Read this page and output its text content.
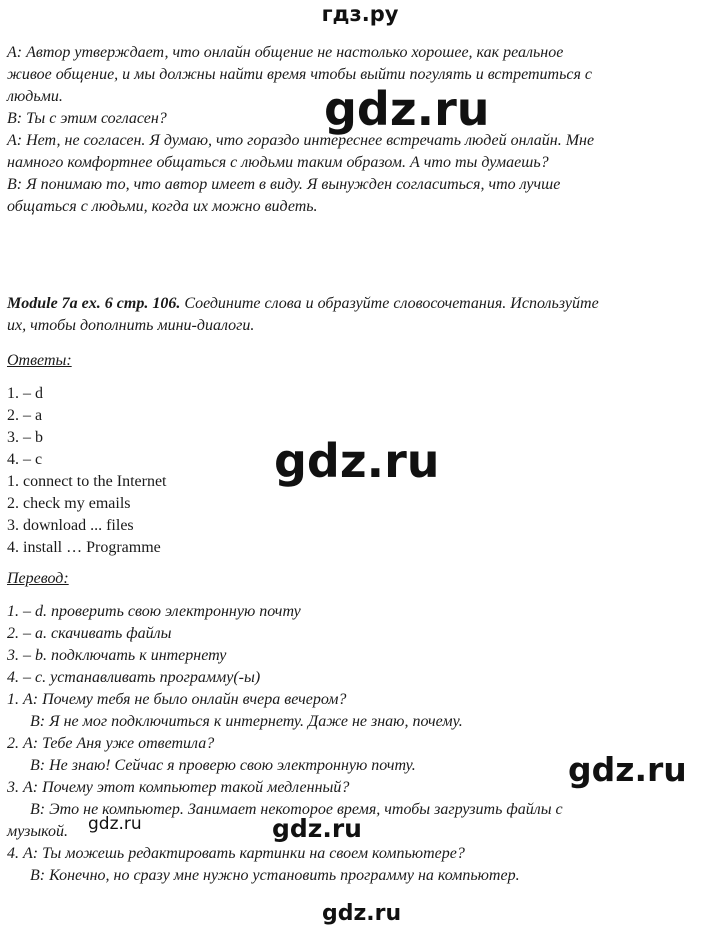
гдз.ру
А: Автор утверждает, что онлайн общение не настолько хорошее, как реальное
живое общение, и мы должны найти время чтобы выйти погулять и встретиться с
людьми.
В: Ты с этим согласен?
А: Нет, не согласен. Я думаю, что гораздо интереснее встречать людей онлайн. Мне
намного комфортнее общаться с людьми таким образом. А что ты думаешь?
В: Я понимаю то, что автор имеет в виду. Я вынужден согласиться, что лучше
общаться с людьми, когда их можно видеть.
Module 7a ex. 6 стр. 106. Соедините слова и образуйте словосочетания. Используйте
их, чтобы дополнить мини-диалоги.
Ответы:
1. – d
2. – a
3. – b
4. – c
1. connect to the Internet
2. check my emails
3. download ... files
4. install … Programme
Перевод:
1. – d. проверить свою электронную почту
2. – a. скачивать файлы
3. – b. подключать к интернету
4. – c. устанавливать программу(-ы)
1. А: Почему тебя не было онлайн вчера вечером?
В: Я не мог подключиться к интернету. Даже не знаю, почему.
2. А: Тебе Аня уже ответила?
В: Не знаю! Сейчас я проверю свою электронную почту.
3. А: Почему этот компьютер такой медленный?
В: Это не компьютер. Занимает некоторое время, чтобы загрузить файлы с
музыкой.
4. А: Ты можешь редактировать картинки на своем компьютере?
В: Конечно, но сразу мне нужно установить программу на компьютер.
gdz.ru
gdz.ru
gdz.ru
gdz.ru	gdz.ru
gdz.ru
